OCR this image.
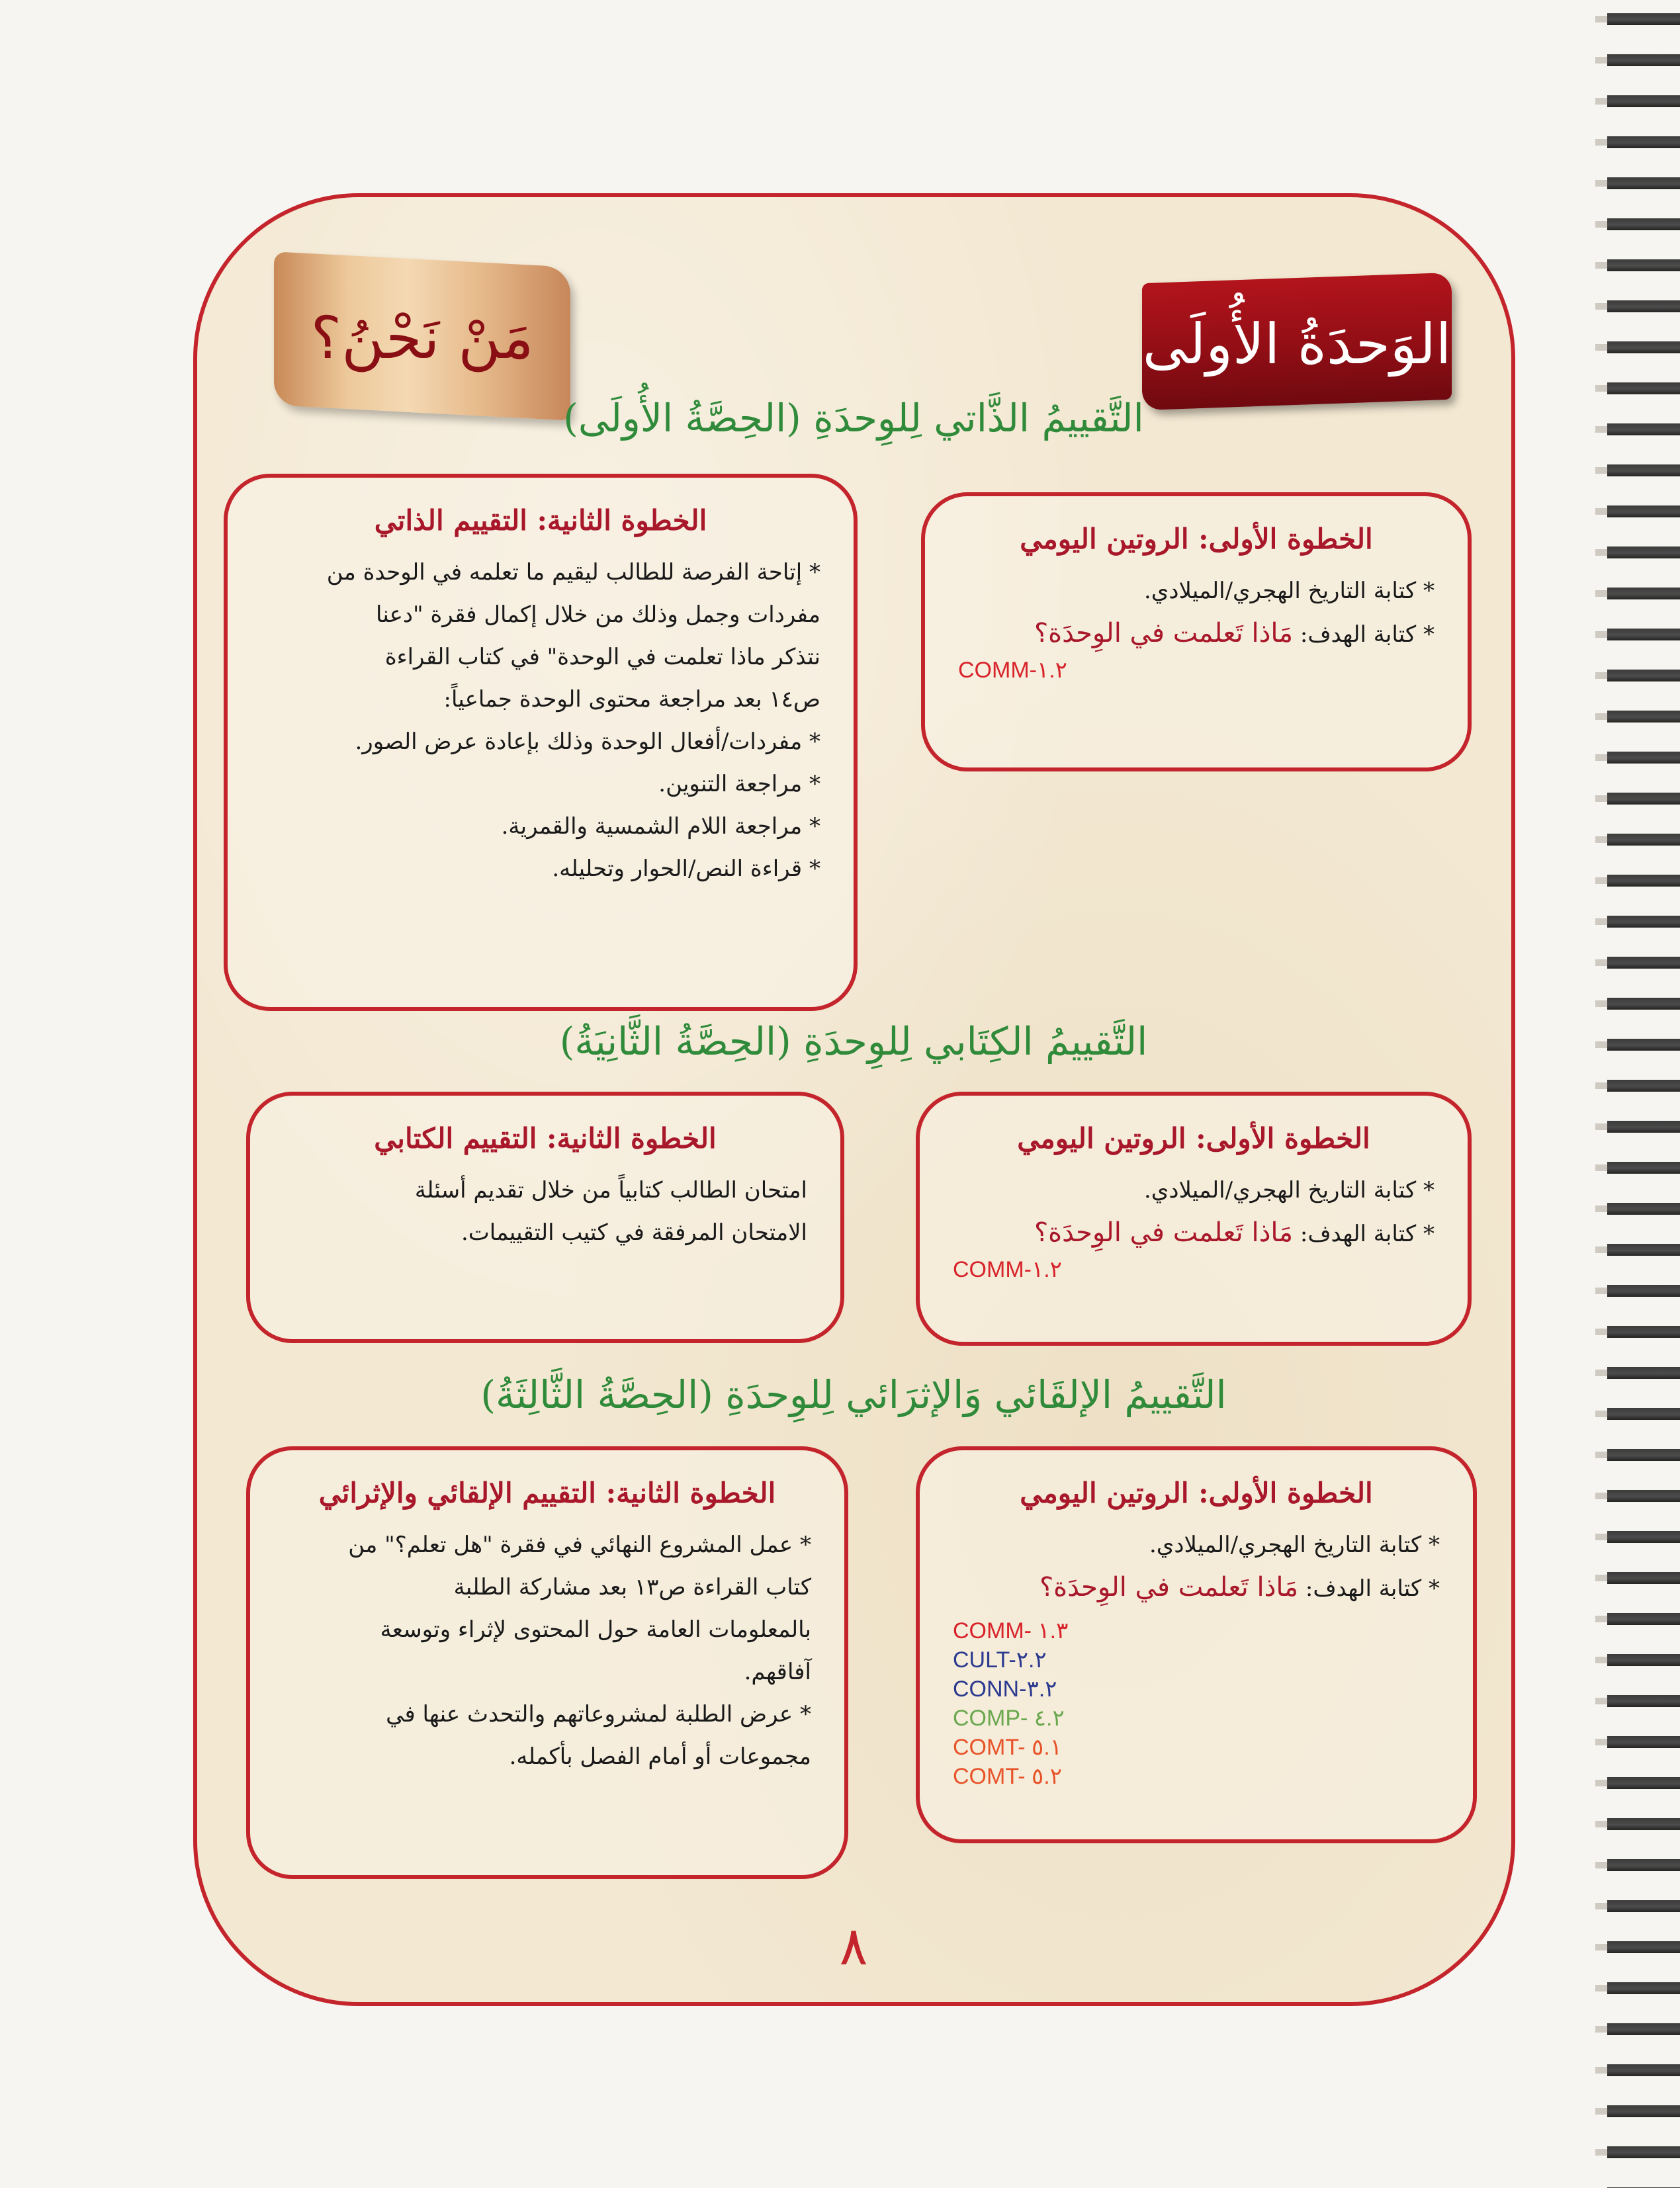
الوَحدَةُ الأُولَى
مَنْ نَحْنُ؟
التَّقييمُ الذَّاتي لِلوِحدَةِ (الحِصَّةُ الأُولَى)

الخطوة الأولى: الروتين اليومي

* كتابة التاريخ الهجري/الميلادي.

* كتابة الهدف: مَاذا تَعلمت في الوِحدَة؟

COMM-١.٢

الخطوة الثانية: التقييم الذاتي

* إتاحة الفرصة للطالب ليقيم ما تعلمه في الوحدة من

مفردات وجمل وذلك من خلال إكمال فقرة "دعنا

نتذكر ماذا تعلمت في الوحدة" في كتاب القراءة

ص١٤ بعد مراجعة محتوى الوحدة جماعياً:

* مفردات/أفعال الوحدة وذلك بإعادة عرض الصور.

* مراجعة التنوين.

* مراجعة اللام الشمسية والقمرية.

* قراءة النص/الحوار وتحليله.

التَّقييمُ الكِتَابي لِلوِحدَةِ (الحِصَّةُ الثَّانِيَةُ)

الخطوة الأولى: الروتين اليومي

* كتابة التاريخ الهجري/الميلادي.

* كتابة الهدف: مَاذا تَعلمت في الوِحدَة؟

COMM-١.٢

الخطوة الثانية: التقييم الكتابي

امتحان الطالب كتابياً من خلال تقديم أسئلة

الامتحان المرفقة في كتيب التقييمات.

التَّقييمُ الإلقَائي وَالإثرَائي لِلوِحدَةِ (الحِصَّةُ الثَّالِثَةُ)

الخطوة الأولى: الروتين اليومي

* كتابة التاريخ الهجري/الميلادي.

* كتابة الهدف: مَاذا تَعلمت في الوِحدَة؟

COMM- ١.٣

CULT-٢.٢

CONN-٣.٢

COMP- ٤.٢

COMT- ٥.١

COMT- ٥.٢

الخطوة الثانية: التقييم الإلقائي والإثرائي

* عمل المشروع النهائي في فقرة "هل تعلم؟" من

كتاب القراءة ص١٣ بعد مشاركة الطلبة

بالمعلومات العامة حول المحتوى لإثراء وتوسعة

آفاقهم.

* عرض الطلبة لمشروعاتهم والتحدث عنها في

مجموعات أو أمام الفصل بأكمله.

٨
